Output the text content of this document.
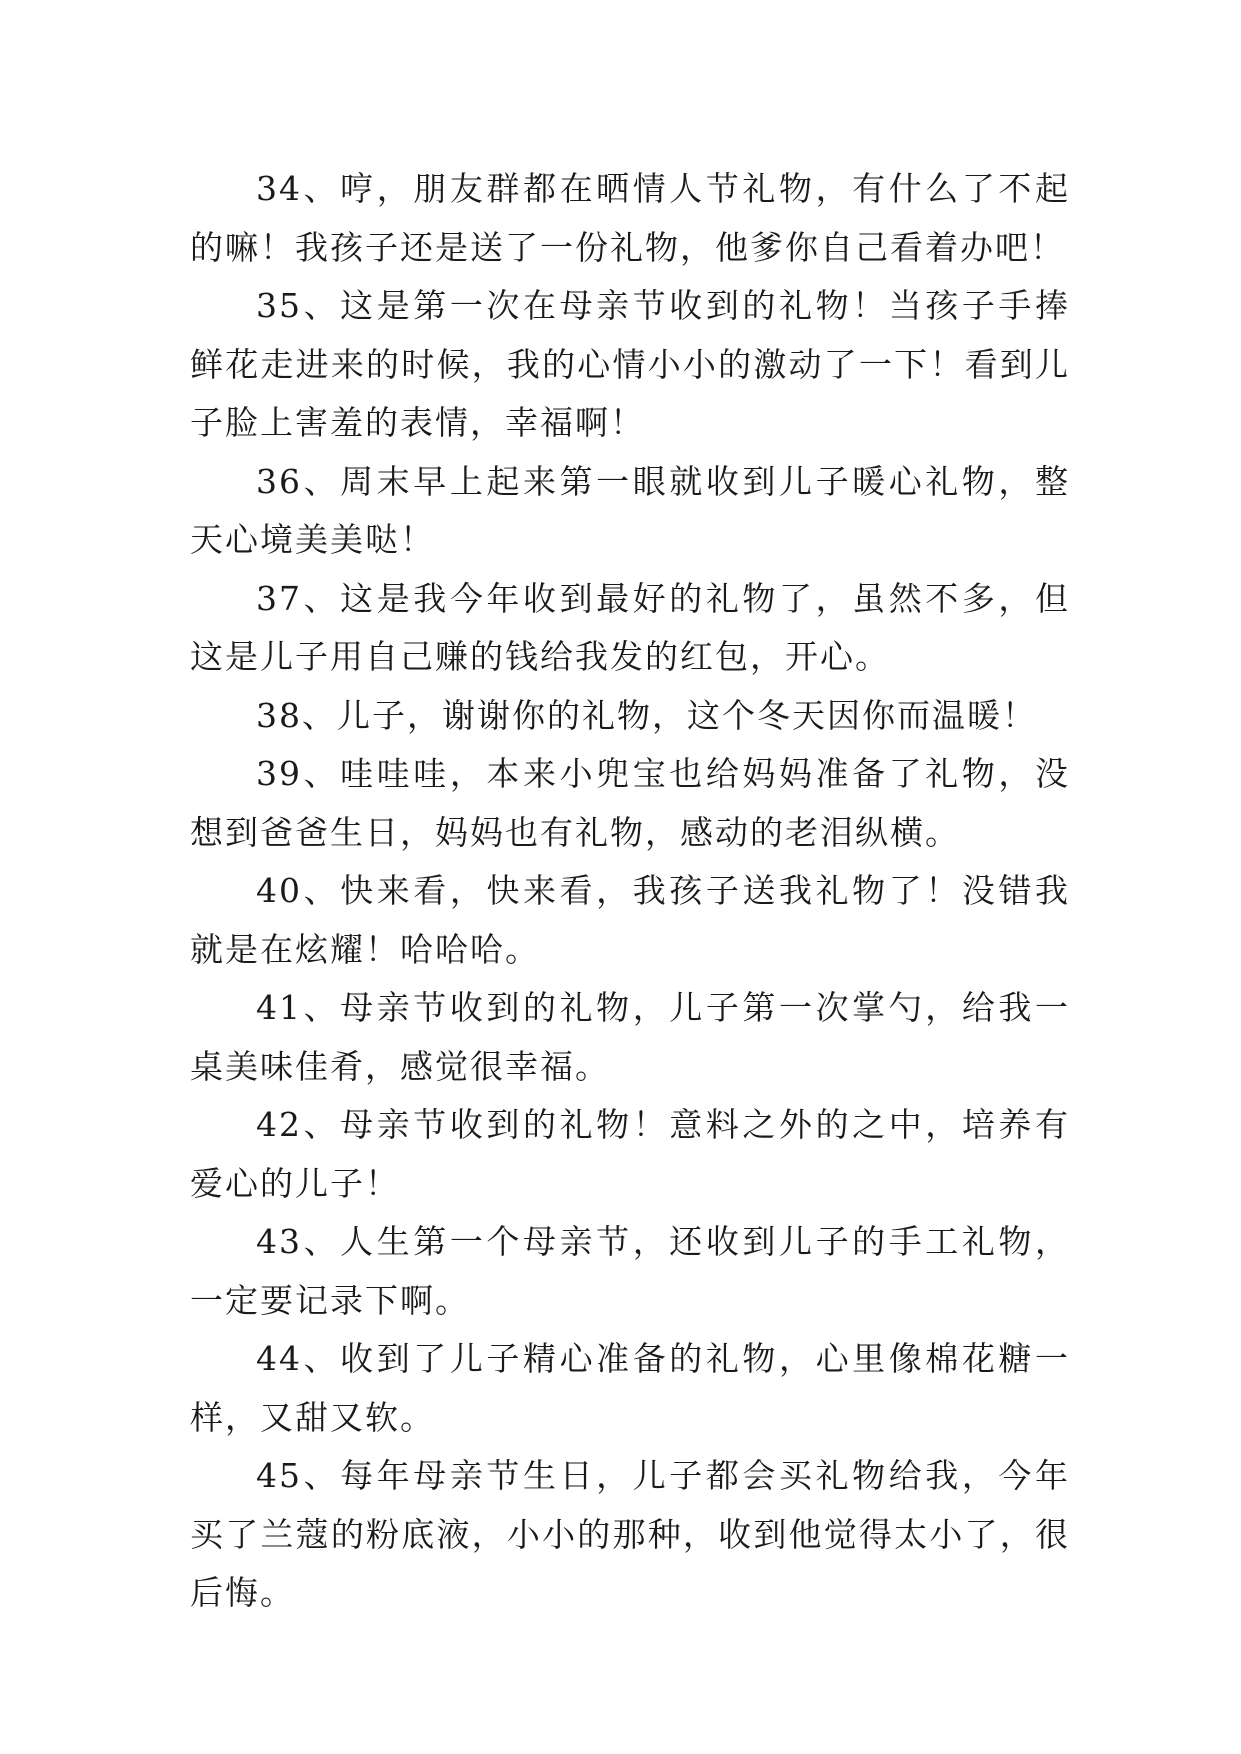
34、哼，朋友群都在晒情人节礼物，有什么了不起的嘛！我孩子还是送了一份礼物，他爹你自己看着办吧！

35、这是第一次在母亲节收到的礼物！当孩子手捧鲜花走进来的时候，我的心情小小的激动了一下！看到儿子脸上害羞的表情，幸福啊！

36、周末早上起来第一眼就收到儿子暖心礼物，整天心境美美哒！

37、这是我今年收到最好的礼物了，虽然不多，但这是儿子用自己赚的钱给我发的红包，开心。

38、儿子，谢谢你的礼物，这个冬天因你而温暖！

39、哇哇哇，本来小兜宝也给妈妈准备了礼物，没想到爸爸生日，妈妈也有礼物，感动的老泪纵横。

40、快来看，快来看，我孩子送我礼物了！没错我就是在炫耀！哈哈哈。

41、母亲节收到的礼物，儿子第一次掌勺，给我一桌美味佳肴，感觉很幸福。

42、母亲节收到的礼物！意料之外的之中，培养有爱心的儿子！

43、人生第一个母亲节，还收到儿子的手工礼物，一定要记录下啊。

44、收到了儿子精心准备的礼物，心里像棉花糖一样，又甜又软。

45、每年母亲节生日，儿子都会买礼物给我，今年买了兰蔻的粉底液，小小的那种，收到他觉得太小了，很后悔。
